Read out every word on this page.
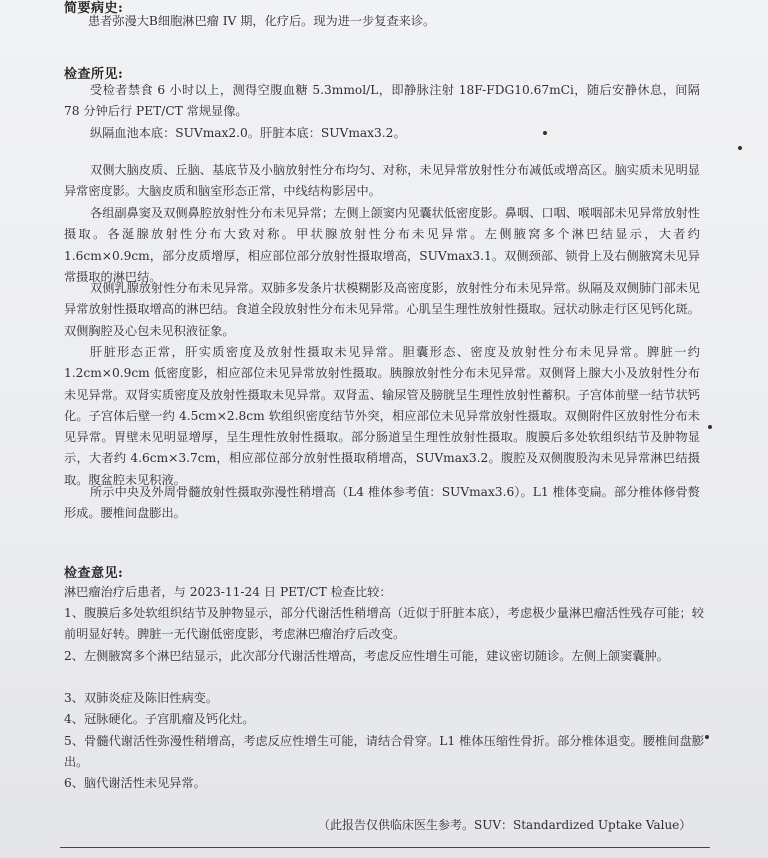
简要病史:

患者弥漫大B细胞淋巴瘤 IV 期，化疗后。现为进一步复查来诊。

检查所见:

受检者禁食 6 小时以上，测得空腹血糖 5.3mmol/L，即静脉注射 18F-FDG10.67mCi，随后安静休息，间隔 78 分钟后行 PET/CT 常规显像。

纵隔血池本底：SUVmax2.0。肝脏本底：SUVmax3.2。

双侧大脑皮质、丘脑、基底节及小脑放射性分布均匀、对称，未见异常放射性分布减低或增高区。脑实质未见明显异常密度影。大脑皮质和脑室形态正常，中线结构影居中。

各组副鼻窦及双侧鼻腔放射性分布未见异常；左侧上颌窦内见囊状低密度影。鼻咽、口咽、喉咽部未见异常放射性摄取。各涎腺放射性分布大致对称。甲状腺放射性分布未见异常。左侧腋窝多个淋巴结显示，大者约 1.6cm×0.9cm，部分皮质增厚，相应部位部分放射性摄取增高，SUVmax3.1。双侧颈部、锁骨上及右侧腋窝未见异常摄取的淋巴结。

双侧乳腺放射性分布未见异常。双肺多发条片状模糊影及高密度影，放射性分布未见异常。纵隔及双侧肺门部未见异常放射性摄取增高的淋巴结。食道全段放射性分布未见异常。心肌呈生理性放射性摄取。冠状动脉走行区见钙化斑。双侧胸腔及心包未见积液征象。

肝脏形态正常，肝实质密度及放射性摄取未见异常。胆囊形态、密度及放射性分布未见异常。脾脏一约 1.2cm×0.9cm 低密度影，相应部位未见异常放射性摄取。胰腺放射性分布未见异常。双侧肾上腺大小及放射性分布未见异常。双肾实质密度及放射性摄取未见异常。双肾盂、输尿管及膀胱呈生理性放射性蓄积。子宫体前壁一结节状钙化。子宫体后壁一约 4.5cm×2.8cm 软组织密度结节外突，相应部位未见异常放射性摄取。双侧附件区放射性分布未见异常。胃壁未见明显增厚，呈生理性放射性摄取。部分肠道呈生理性放射性摄取。腹膜后多处软组织结节及肿物显示，大者约 4.6cm×3.7cm，相应部位部分放射性摄取稍增高，SUVmax3.2。腹腔及双侧腹股沟未见异常淋巴结摄取。腹盆腔未见积液。

所示中央及外周骨髓放射性摄取弥漫性稍增高（L4 椎体参考值：SUVmax3.6）。L1 椎体变扁。部分椎体修骨赘形成。腰椎间盘膨出。

检查意见:

淋巴瘤治疗后患者，与 2023-11-24 日 PET/CT 检查比较：

1、腹膜后多处软组织结节及肿物显示，部分代谢活性稍增高（近似于肝脏本底），考虑极少量淋巴瘤活性残存可能；较前明显好转。脾脏一无代谢低密度影，考虑淋巴瘤治疗后改变。

2、左侧腋窝多个淋巴结显示，此次部分代谢活性增高，考虑反应性增生可能，建议密切随诊。左侧上颌窦囊肿。

3、双肺炎症及陈旧性病变。

4、冠脉硬化。子宫肌瘤及钙化灶。

5、骨髓代谢活性弥漫性稍增高，考虑反应性增生可能，请结合骨穿。L1 椎体压缩性骨折。部分椎体退变。腰椎间盘膨出。

6、脑代谢活性未见异常。

（此报告仅供临床医生参考。SUV：Standardized Uptake Value）
